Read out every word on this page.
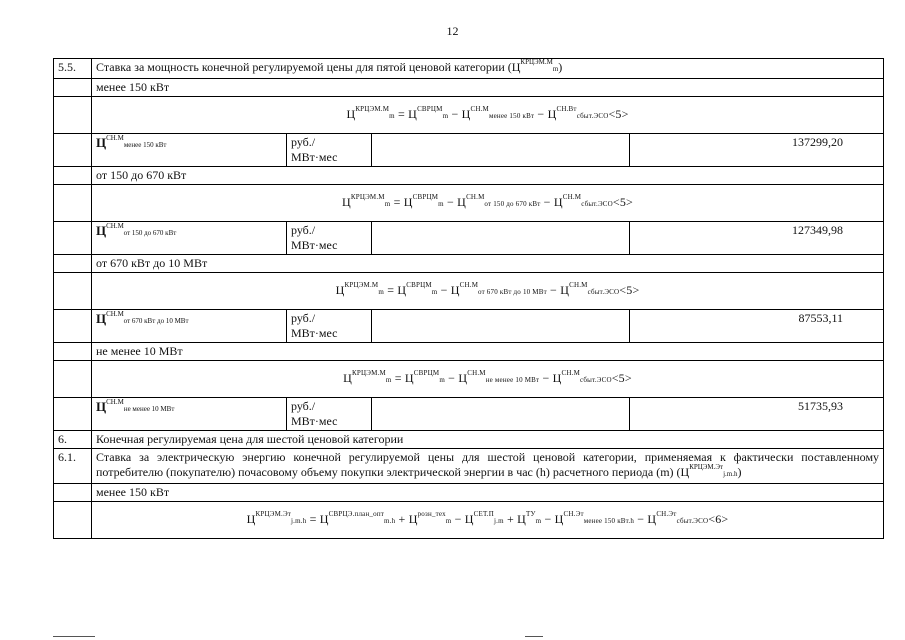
12
5.5.	Ставка за мощность конечной регулируемой цены для пятой ценовой категории $(Ц^{КРЦЭМ.М}m)$			
	менее 150 кВт			
	$Ц^{КРЦЭМ.М}m = Ц^{СВРЦМ}m$ − $Ц^{СН.М}менее$ 150 кВт − $Ц^{СН.Вт}сбыт.ЭСО<5>$			
	$Ц^{СН.М}менее$ 150 кВт	руб./
МВт·мес		137299,20
	от 150 до 670 кВт			
	$Ц^{КРЦЭМ.М}m = Ц^{СВРЦМ}m - Ц^{СН.М}от$ 150 до 670 кВт − $Ц^{СН.М}сбыт.ЭСО<5>$			
	$Ц^{СН.М}от$ 150 до 670 кВт	руб./
МВт·мес		127349,98
	от 670 кВт до 10 МВт			
	$Ц^{КРЦЭМ.М}m = Ц^{СВРЦМ}m - Ц^{СН.М}от$ 670 кВт до 10 МВт − $Ц^{СН.М}сбыт.ЭСО<5>$			
	$Ц^{СН.М}от$ 670 кВт до 10 МВт	руб./
МВт·мес		87553,11
	не менее 10 МВт			
	$Ц^{КРЦЭМ.М}m = Ц^{СВРЦМ}m - Ц^{СН.М}не$ менее 10 МВт − $Ц^{СН.М}сбыт.ЭСО<5>$			
	$Ц^{СН.М}не$ менее 10 МВт	руб./
МВт·мес		51735,93
6.	Конечная регулируемая цена для шестой ценовой категории			
6.1.	Ставка за электрическую энергию конечной регулируемой цены для шестой ценовой категории, применяемая к фактически поставленному потребителю (покупателю) почасовому объему покупки электрической энергии в час (h) расчетного периода (m) $(Ц^{КРЦЭМ.Эт}j.m.h)$			
	менее 150 кВт			
	$Ц^{КРЦЭМ.Эт}j.m.h = Ц^{СВРЦЭ.план\_опт}m.h + Ц^{розн\_тех}m - Ц^{СЕТ.П}j.m + Ц^{ТУ}m$ − $Ц^{СН.Эт}менее$ 150 $кВт.h - Ц^{СН.Эт}сбыт.ЭСО<6>$			
